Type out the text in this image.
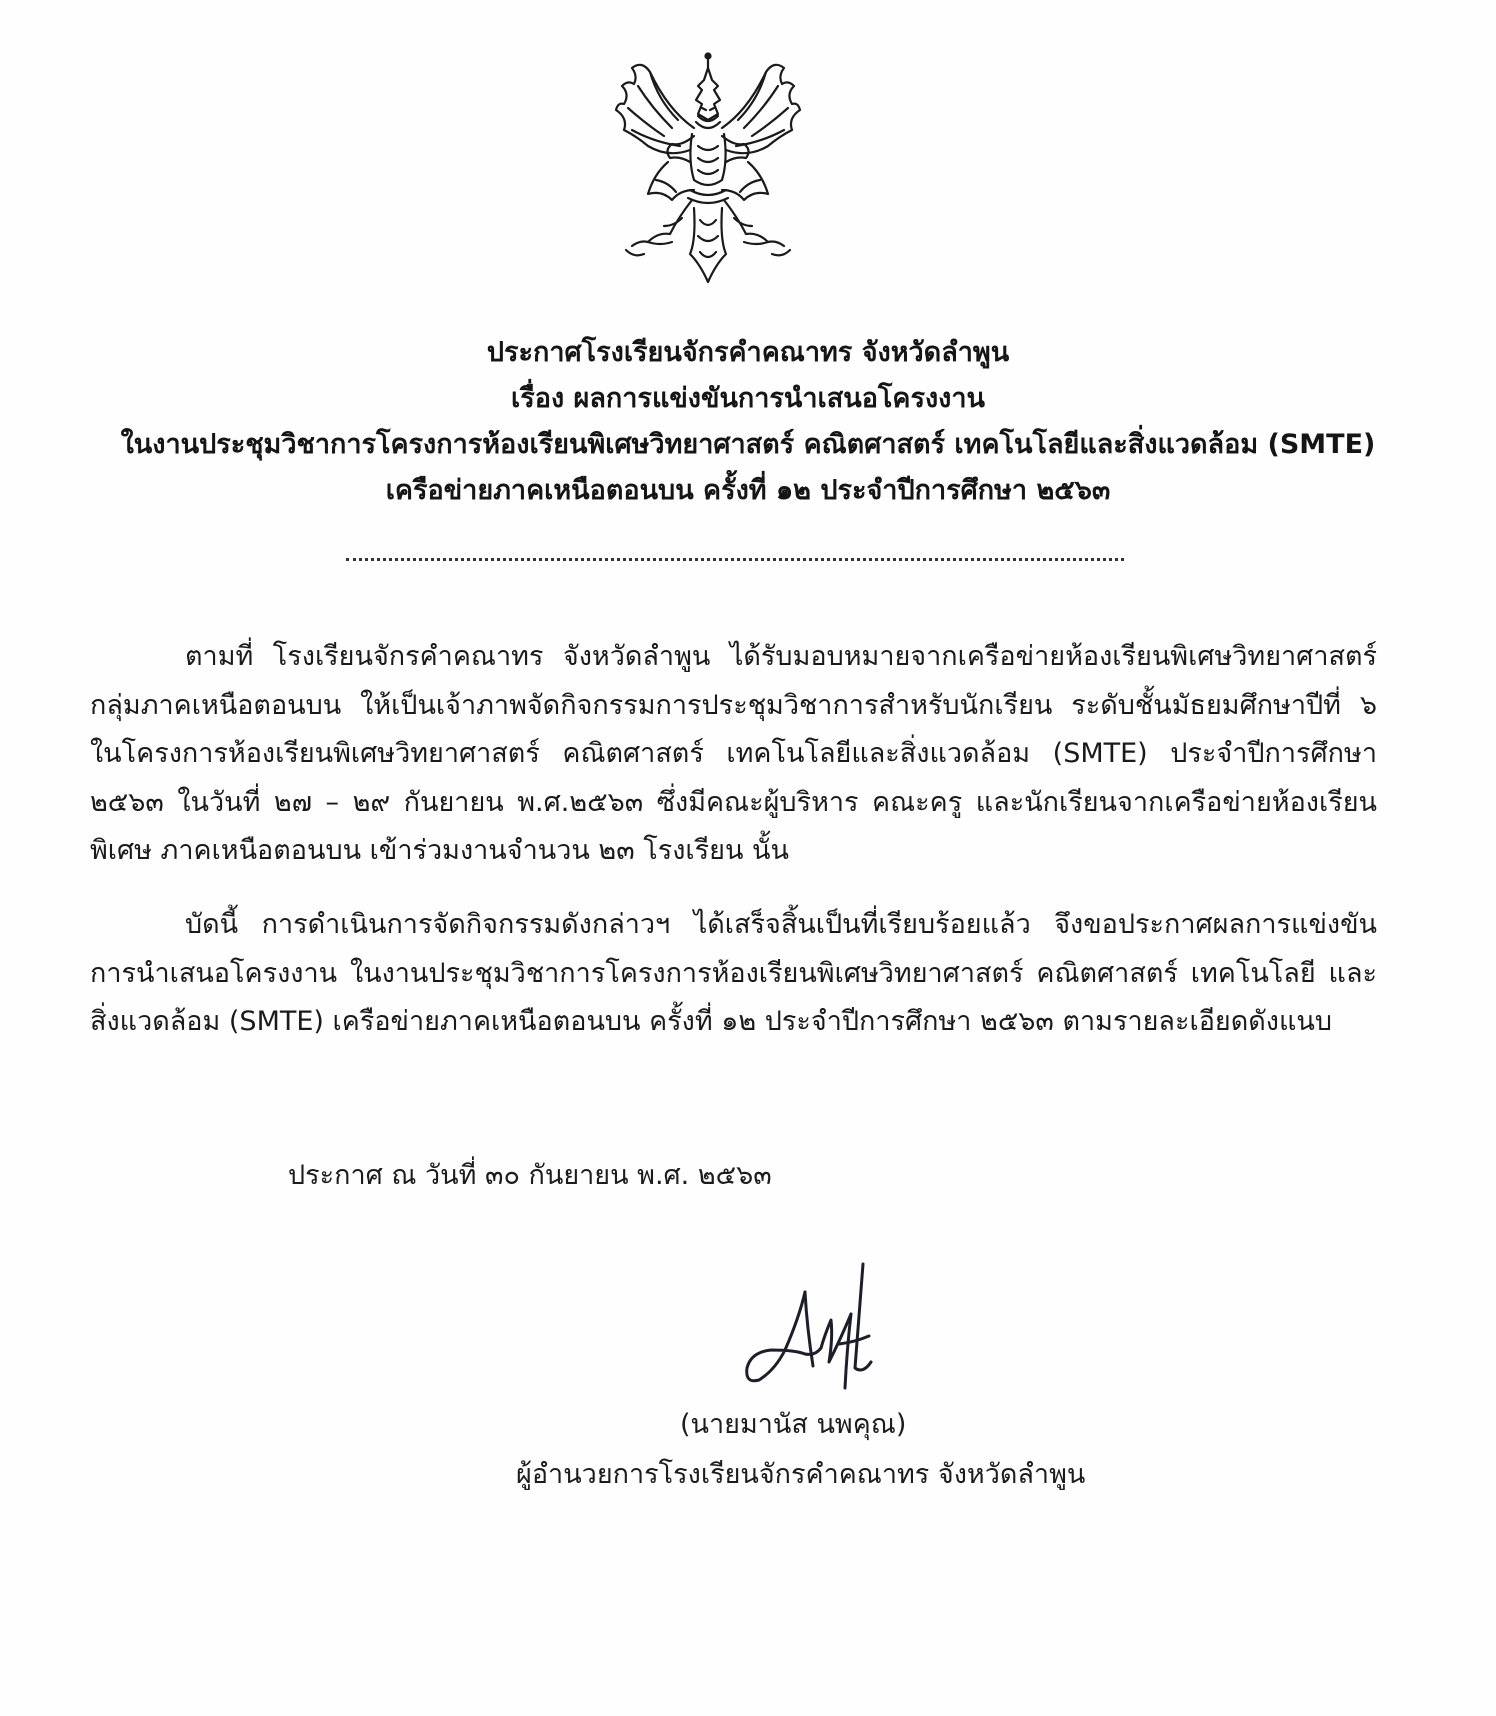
ประกาศโรงเรียนจักรคำคณาทร จังหวัดลำพูน
เรื่อง ผลการแข่งขันการนำเสนอโครงงาน
ในงานประชุมวิชาการโครงการห้องเรียนพิเศษวิทยาศาสตร์ คณิตศาสตร์ เทคโนโลยีและสิ่งแวดล้อม (SMTE)
เครือข่ายภาคเหนือตอนบน ครั้งที่ ๑๒ ประจำปีการศึกษา ๒๕๖๓

ตามที่ โรงเรียนจักรคำคณาทร จังหวัดลำพูน ได้รับมอบหมายจากเครือข่ายห้องเรียนพิเศษวิทยาศาสตร์ กลุ่มภาคเหนือตอนบน ให้เป็นเจ้าภาพจัดกิจกรรมการประชุมวิชาการสำหรับนักเรียน ระดับชั้นมัธยมศึกษาปีที่ ๖ ในโครงการห้องเรียนพิเศษวิทยาศาสตร์ คณิตศาสตร์ เทคโนโลยีและสิ่งแวดล้อม (SMTE) ประจำปีการศึกษา ๒๕๖๓ ในวันที่ ๒๗ – ๒๙ กันยายน พ.ศ.๒๕๖๓ ซึ่งมีคณะผู้บริหาร คณะครู และนักเรียนจากเครือข่ายห้องเรียนพิเศษ ภาคเหนือตอนบน เข้าร่วมงานจำนวน ๒๓ โรงเรียน นั้น

บัดนี้ การดำเนินการจัดกิจกรรมดังกล่าวฯ ได้เสร็จสิ้นเป็นที่เรียบร้อยแล้ว จึงขอประกาศผลการแข่งขัน การนำเสนอโครงงาน ในงานประชุมวิชาการโครงการห้องเรียนพิเศษวิทยาศาสตร์ คณิตศาสตร์ เทคโนโลยี และสิ่งแวดล้อม (SMTE) เครือข่ายภาคเหนือตอนบน ครั้งที่ ๑๒ ประจำปีการศึกษา ๒๕๖๓ ตามรายละเอียดดังแนบ

ประกาศ ณ วันที่ ๓๐ กันยายน พ.ศ. ๒๕๖๓
(นายมานัส นพคุณ)
ผู้อำนวยการโรงเรียนจักรคำคณาทร จังหวัดลำพูน
